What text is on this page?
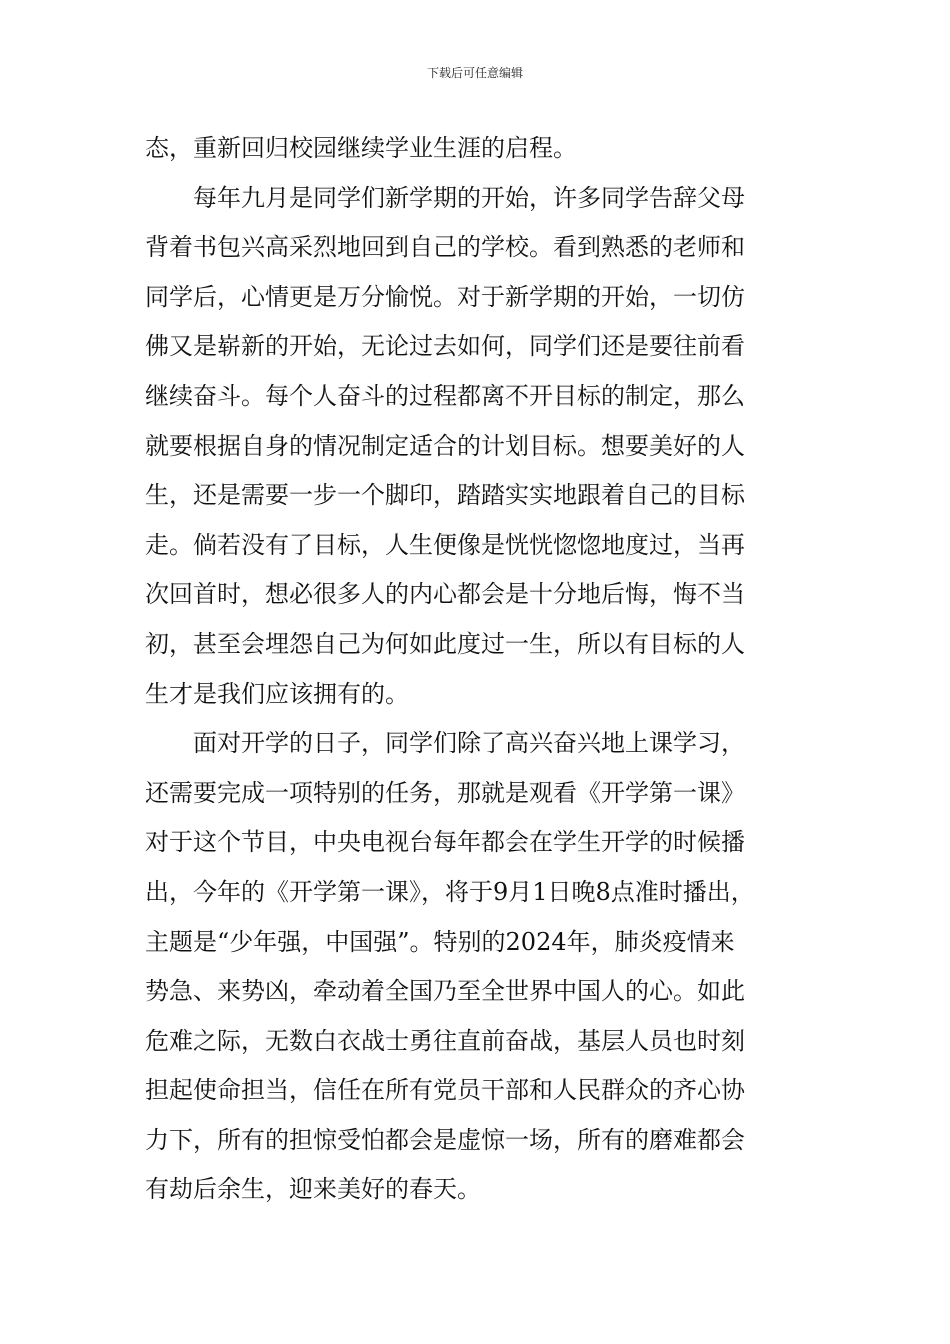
下载后可任意编辑
态，重新回归校园继续学业生涯的启程。
每年九月是同学们新学期的开始，许多同学告辞父母
背着书包兴高采烈地回到自己的学校。看到熟悉的老师和
同学后，心情更是万分愉悦。对于新学期的开始，一切仿
佛又是崭新的开始，无论过去如何，同学们还是要往前看
继续奋斗。每个人奋斗的过程都离不开目标的制定，那么
就要根据自身的情况制定适合的计划目标。想要美好的人
生，还是需要一步一个脚印，踏踏实实地跟着自己的目标
走。倘若没有了目标，人生便像是恍恍惚惚地度过，当再
次回首时，想必很多人的内心都会是十分地后悔，悔不当
初，甚至会埋怨自己为何如此度过一生，所以有目标的人
生才是我们应该拥有的。
面对开学的日子，同学们除了高兴奋兴地上课学习，
还需要完成一项特别的任务，那就是观看《开学第一课》
对于这个节目，中央电视台每年都会在学生开学的时候播
出，今年的《开学第一课》，将于9月1日晚8点准时播出，
主题是“少年强，中国强”。特别的2024年，肺炎疫情来
势急、来势凶，牵动着全国乃至全世界中国人的心。如此
危难之际，无数白衣战士勇往直前奋战，基层人员也时刻
担起使命担当，信任在所有党员干部和人民群众的齐心协
力下，所有的担惊受怕都会是虚惊一场，所有的磨难都会
有劫后余生，迎来美好的春天。
